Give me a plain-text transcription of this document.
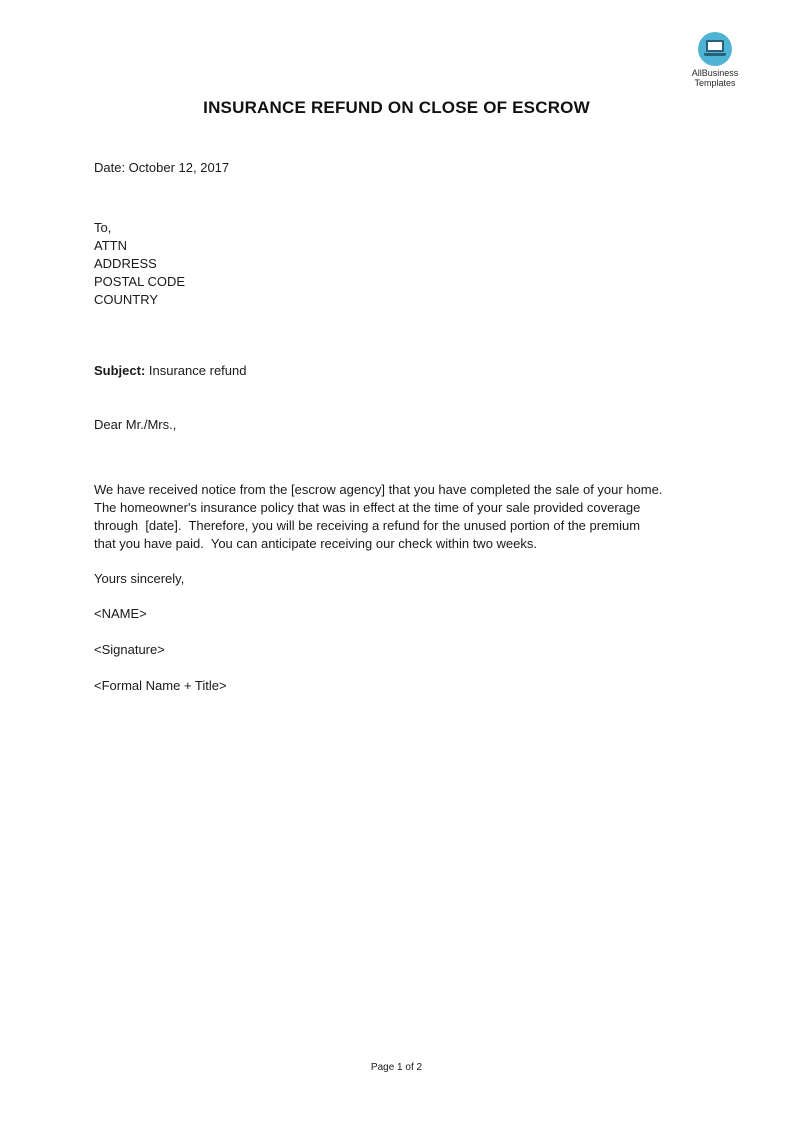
AllBusiness
Templates
INSURANCE REFUND ON CLOSE OF ESCROW
Date: October 12, 2017
To,
ATTN
ADDRESS
POSTAL CODE
COUNTRY
Subject: Insurance refund
Dear Mr./Mrs.,
We have received notice from the [escrow agency] that you have completed the sale of your home.
The homeowner's insurance policy that was in effect at the time of your sale provided coverage
through  [date].  Therefore, you will be receiving a refund for the unused portion of the premium
that you have paid.  You can anticipate receiving our check within two weeks.
Yours sincerely,
<NAME>
<Signature>
<Formal Name + Title>
Page 1 of 2
